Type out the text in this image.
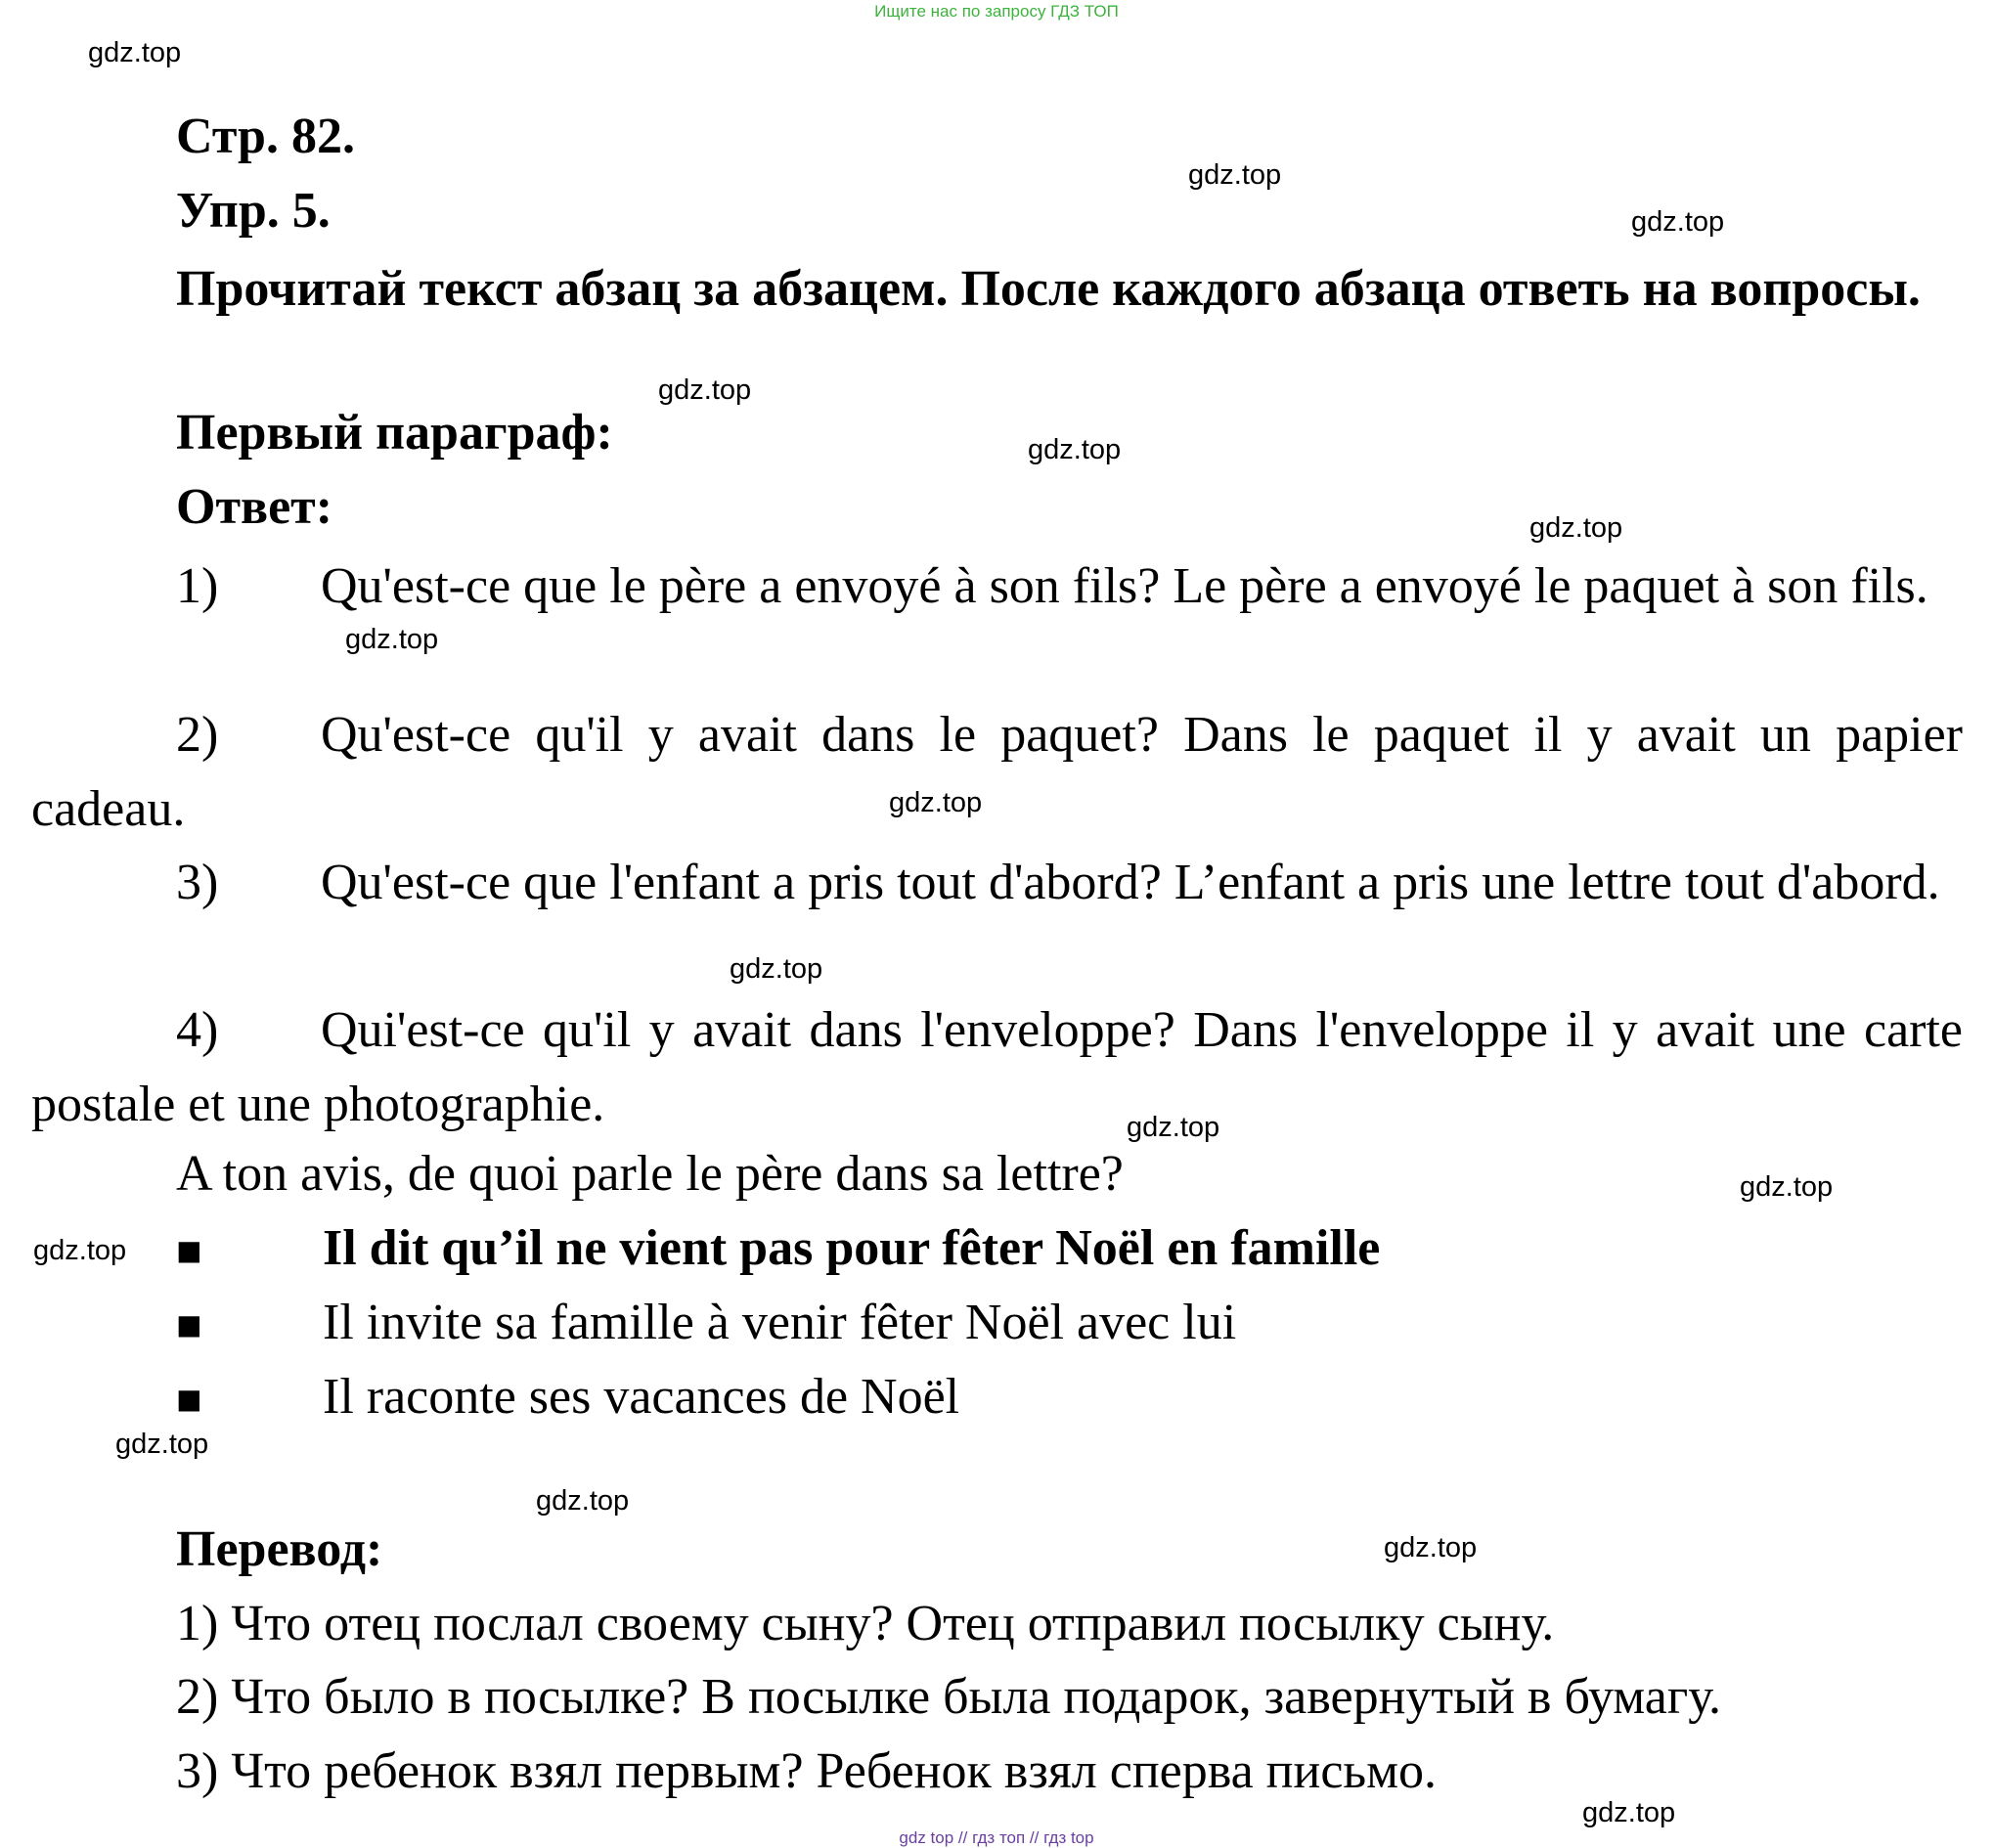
Ищите нас по запросу ГДЗ ТОП
gdz.top
gdz.top
gdz.top
gdz.top
gdz.top
gdz.top
gdz.top
gdz.top
gdz.top
gdz.top
gdz.top
gdz.top
gdz.top
gdz.top
gdz.top
gdz.top
Стр. 82.
Упр. 5.

Прочитай текст абзац за абзацем. После каждого абзаца ответь на вопросы.

Первый параграф:
Ответ:

1) Qu'est-ce que le père a envoyé à son fils? Le père a envoyé le paquet à son fils.

2) Qu'est-ce qu'il y avait dans le paquet? Dans le paquet il y avait un papier cadeau.

3) Qu'est-ce que l'enfant a pris tout d'abord? L’enfant a pris une lettre tout d'abord.

4) Qui'est-ce qu'il y avait dans l'enveloppe? Dans l'enveloppe il y avait une carte postale et une photographie.

A ton avis, de quoi parle le père dans sa lettre?
■ Il dit qu’il ne vient pas pour fêter Noël en famille
■ Il invite sa famille à venir fêter Noël avec lui
■ Il raconte ses vacances de Noël
Перевод:
1) Что отец послал своему сыну? Отец отправил посылку сыну.
2) Что было в посылке? В посылке была подарок, завернутый в бумагу.
3) Что ребенок взял первым? Ребенок взял сперва письмо.
gdz top // гдз топ // гдз top
